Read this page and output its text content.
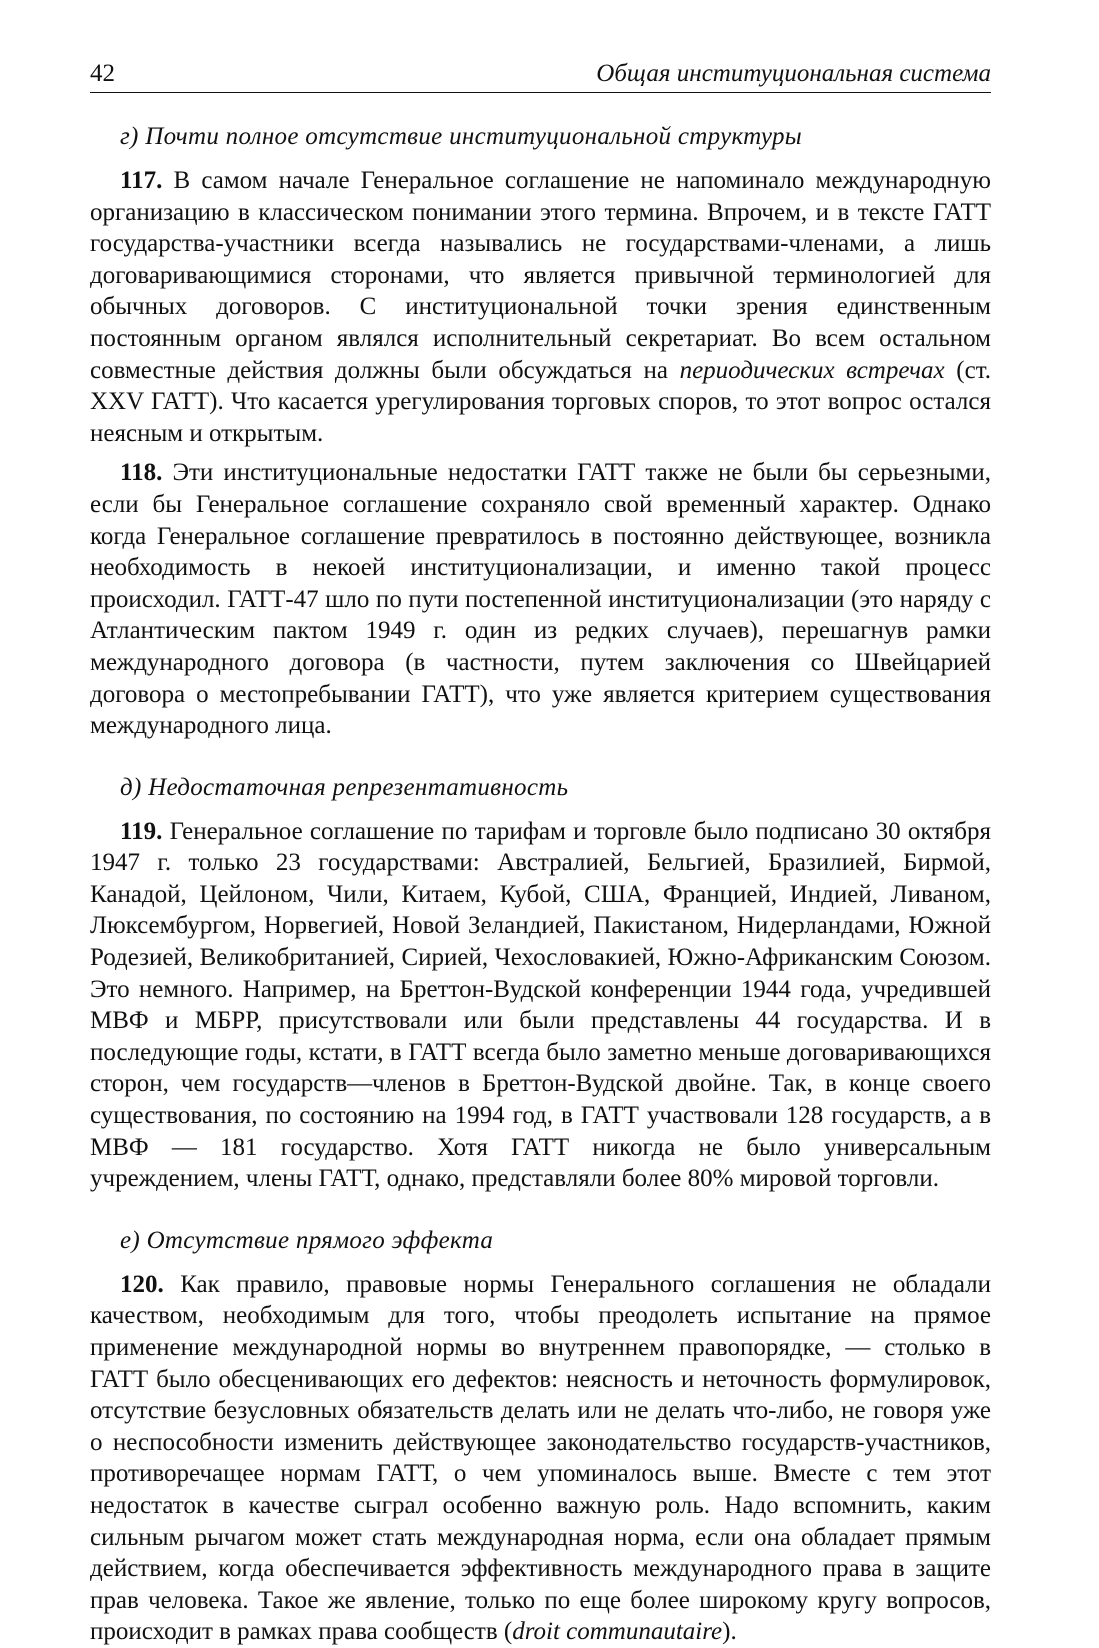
42	Общая институциональная система
г) Почти полное отсутствие институциональной структуры

117. В самом начале Генеральное соглашение не напоминало международную организацию в классическом понимании этого термина. Впрочем, и в тексте ГАТТ государства-участники всегда назывались не государствами-членами, а лишь договаривающимися сторонами, что является привычной терминологией для обычных договоров. С институциональной точки зрения единственным постоянным органом являлся исполнительный секретариат. Во всем остальном совместные действия должны были обсуждаться на периодических встречах (ст. XXV ГАТТ). Что касается урегулирования торговых споров, то этот вопрос остался неясным и открытым.

118. Эти институциональные недостатки ГАТТ также не были бы серьезными, если бы Генеральное соглашение сохраняло свой временный характер. Однако когда Генеральное соглашение превратилось в постоянно действующее, возникла необходимость в некоей институционализации, и именно такой процесс происходил. ГАТТ-47 шло по пути постепенной институционализации (это наряду с Атлантическим пактом 1949 г. один из редких случаев), перешагнув рамки международного договора (в частности, путем заключения со Швейцарией договора о местопребывании ГАТТ), что уже является критерием существования международного лица.

д) Недостаточная репрезентативность

119. Генеральное соглашение по тарифам и торговле было подписано 30 октября 1947 г. только 23 государствами: Австралией, Бельгией, Бразилией, Бирмой, Канадой, Цейлоном, Чили, Китаем, Кубой, США, Францией, Индией, Ливаном, Люксембургом, Норвегией, Новой Зеландией, Пакистаном, Нидерландами, Южной Родезией, Великобританией, Сирией, Чехословакией, Южно-Африканским Союзом. Это немного. Например, на Бреттон-Вудской конференции 1944 года, учредившей МВФ и МБРР, присутствовали или были представлены 44 государства. И в последующие годы, кстати, в ГАТТ всегда было заметно меньше договаривающихся сторон, чем государств—членов в Бреттон-Вудской двойне. Так, в конце своего существования, по состоянию на 1994 год, в ГАТТ участвовали 128 государств, а в МВФ — 181 государство. Хотя ГАТТ никогда не было универсальным учреждением, члены ГАТТ, однако, представляли более 80% мировой торговли.

е) Отсутствие прямого эффекта

120. Как правило, правовые нормы Генерального соглашения не обладали качеством, необходимым для того, чтобы преодолеть испытание на прямое применение международной нормы во внутреннем правопорядке, — столько в ГАТТ было обесценивающих его дефектов: неясность и неточность формулировок, отсутствие безусловных обязательств делать или не делать что-либо, не говоря уже о неспособности изменить действующее законодательство государств-участников, противоречащее нормам ГАТТ, о чем упоминалось выше. Вместе с тем этот недостаток в качестве сыграл особенно важную роль. Надо вспомнить, каким сильным рычагом может стать международная норма, если она обладает прямым действием, когда обеспечивается эффективность международного права в защите прав человека. Такое же явление, только по еще более широкому кругу вопросов, происходит в рамках права сообществ (droit communautaire).
